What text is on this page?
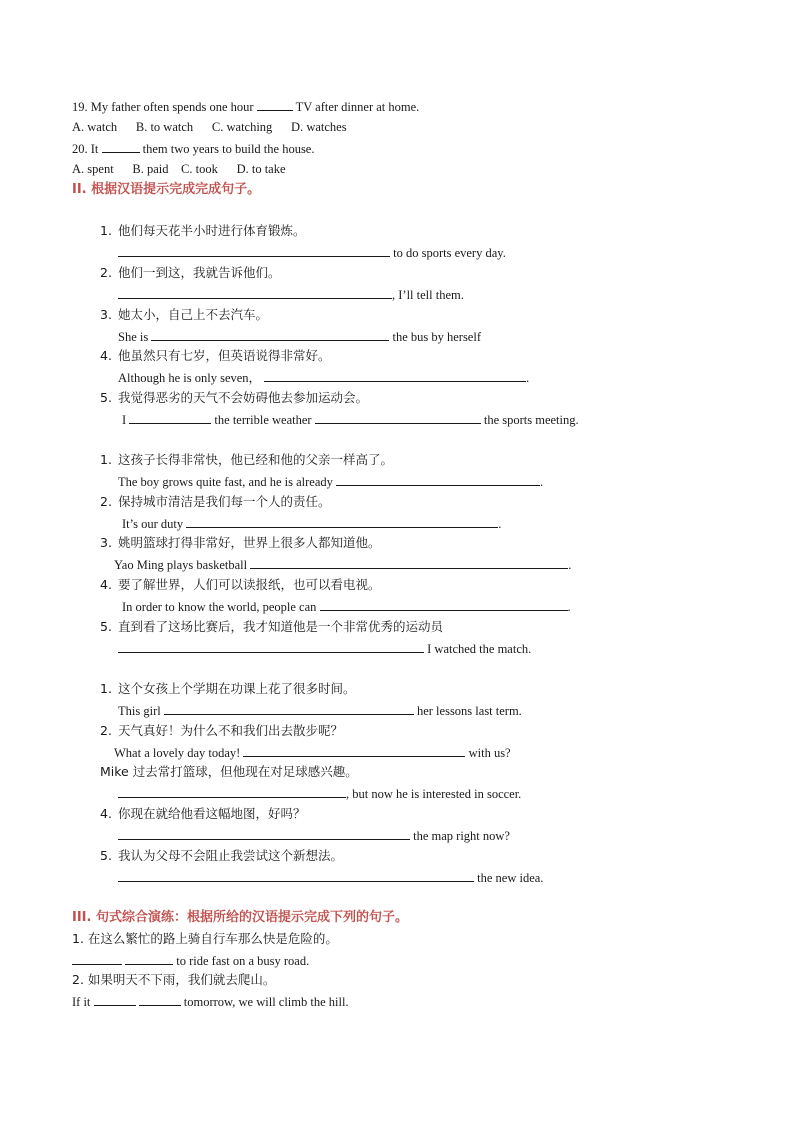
19. My father often spends one hour	TV after dinner at home.
A. watch      B. to watch      C. watching      D. watches
20. It	them two years to build the house.
A. spent      B. paid    C. took      D. to take
II. 根据汉语提示完成完成句子。
1. 他们每天花半小时进行体育锻炼。
to do sports every day.
2. 他们一到这，我就告诉他们。
, I’ll tell them.
3. 她太小，自己上不去汽车。
She is	the bus by herself
4. 他虽然只有七岁，但英语说得非常好。
Although he is only seven，	.
5. 我觉得恶劣的天气不会妨碍他去参加运动会。
I	the terrible weather	the sports meeting.
1. 这孩子长得非常快，他已经和他的父亲一样高了。
The boy grows quite fast, and he is already	.
2. 保持城市清洁是我们每一个人的责任。
It’s our duty	.
3. 姚明篮球打得非常好，世界上很多人都知道他。
Yao Ming plays basketball	.
4. 要了解世界，人们可以读报纸，也可以看电视。
In order to know the world, people can	.
5. 直到看了这场比赛后，我才知道他是一个非常优秀的运动员
I watched the match.
1. 这个女孩上个学期在功课上花了很多时间。
This girl	her lessons last term.
2. 天气真好！为什么不和我们出去散步呢？
What a lovely day today!	with us?
Mike 过去常打篮球，但他现在对足球感兴趣。
, but now he is interested in soccer.
4. 你现在就给他看这幅地图，好吗？
the map right now?
5. 我认为父母不会阻止我尝试这个新想法。
the new idea.
III. 句式综合演练：根据所给的汉语提示完成下列的句子。
1. 在这么繁忙的路上骑自行车那么快是危险的。
to ride fast on a busy road.
2. 如果明天不下雨，我们就去爬山。
If it	tomorrow, we will climb the hill.
